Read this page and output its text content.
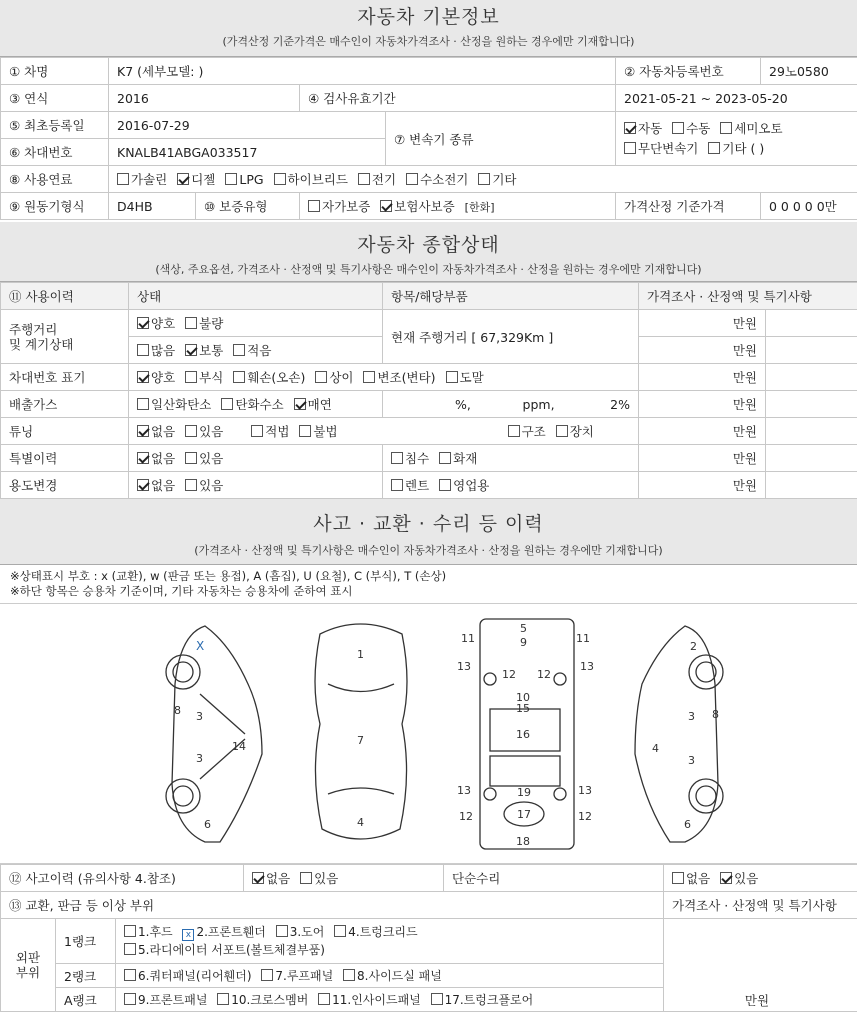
자동차 기본정보
(가격산정 기준가격은 매수인이 자동차가격조사 · 산정을 원하는 경우에만 기재합니다)
① 차명	K7 (세부모델: )				② 자동차등록번호	29노0580
③ 연식	2016		④ 검사유효기간		2021-05-21 ~ 2023-05-20	
⑤ 최초등록일	2016-07-29			⑦ 변속기 종류	자동 수동 세미오토
무단변속기 기타 ( )	
⑥ 차대번호	KNALB41ABGA033517					
⑧ 사용연료	가솔린 디젤 LPG 하이브리드 전기 수소전기 기타					
⑨ 원동기형식	D4HB	⑩ 보증유형	자가보증 보험사보증 [한화]		가격산정 기준가격	0 0 0 0 0만
자동차 종합상태
(색상, 주요옵션, 가격조사 · 산정액 및 특기사항은 매수인이 자동차가격조사 · 산정을 원하는 경우에만 기재합니다)
⑪ 사용이력	상태	항목/해당부품	가격조사 · 산정액 및 특기사항	
주행거리
및 계기상태	양호 불량	현재 주행거리 [ 67,329Km ]	만원	
	많음 보통 적음		만원	
차대번호 표기	양호 부식 훼손(오손) 상이 변조(변타) 도말		만원	
배출가스	일산화탄소 탄화수소 매연	%,             ppm,              2%	만원	
튜닝	없음 있음 적법 불법 구조 장치		만원	
특별이력	없음 있음	침수 화재	만원	
용도변경	없음 있음	렌트 영업용	만원	
사고 · 교환 · 수리 등 이력
(가격조사 · 산정액 및 특기사항은 매수인이 자동차가격조사 · 산정을 원하는 경우에만 기재합니다)
※상태표시 부호 : x (교환), w (판금 또는 용접), A (흠집), U (요철), C (부식), T (손상)
※하단 항목은 승용차 기준이며, 기타 자동차는 승용차에 준하여 표시
X
8 3
3
14
6
1
7
4
5
9
11	11
13	13
12 12
10
15
16
13	13
19
12	12
17
18
2
8
3
3
4
6
⑫ 사고이력 (유의사항 4.참조)			없음 있음	단순수리	없음 있음
⑬ 교환, 판금 등 이상 부위					가격조사 · 산정액 및 특기사항
외판
부위	1랭크	1.후드 x 2.프론트휀더 3.도어 4.트렁크리드
5.라디에이터 서포트(볼트체결부품)			만원
	2랭크	6.쿼터패널(리어휀더) 7.루프패널 8.사이드실 패널			
	A랭크	9.프론트패널 10.크로스멤버 11.인사이드패널 17.트렁크플로어			
